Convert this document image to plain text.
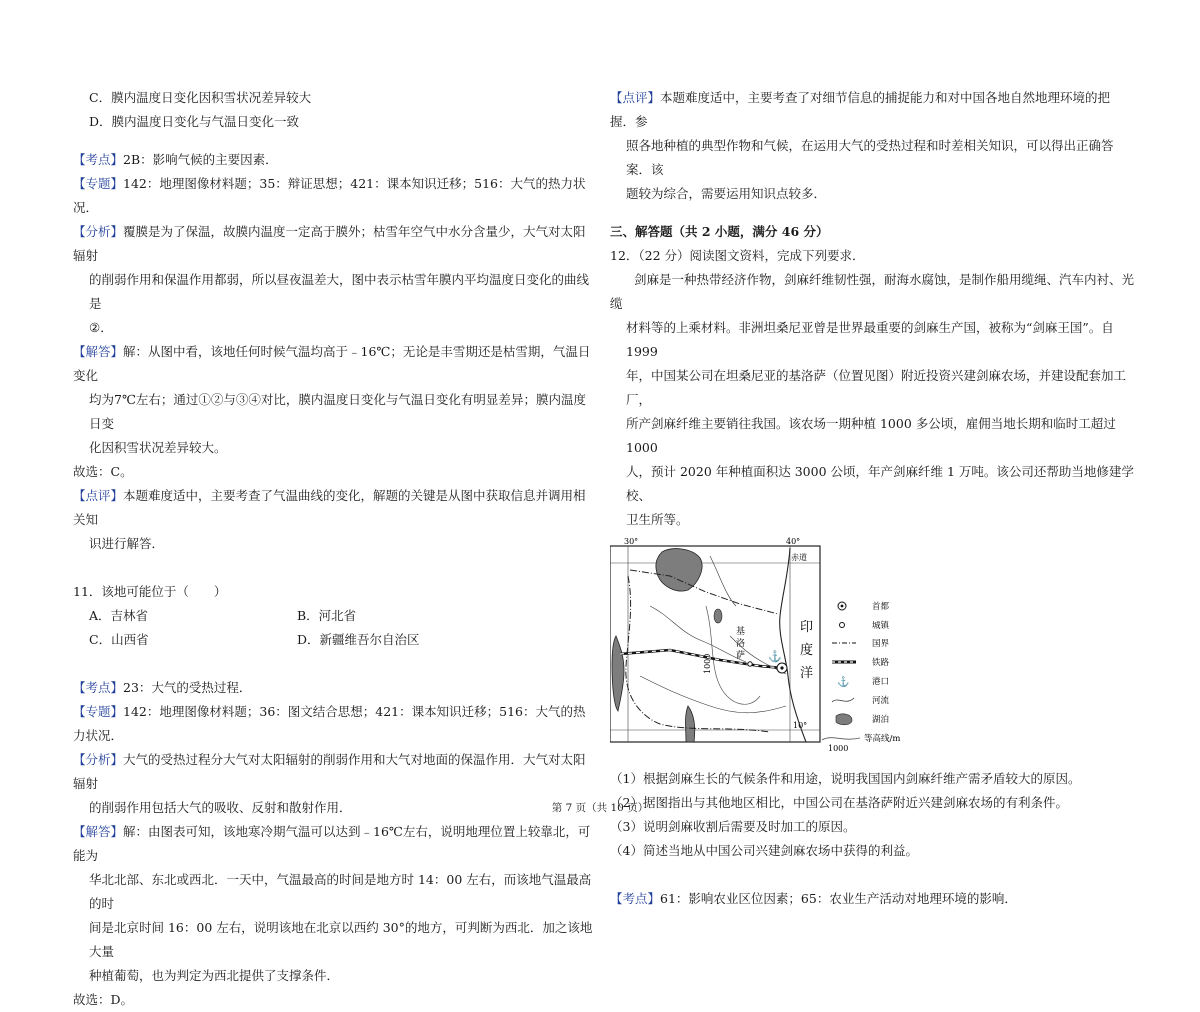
C．膜内温度日变化因积雪状况差异较大

D．膜内温度日变化与气温日变化一致

【考点】2B：影响气候的主要因素．

【专题】142：地理图像材料题；35：辩证思想；421：课本知识迁移；516：大气的热力状况．

【分析】覆膜是为了保温，故膜内温度一定高于膜外；枯雪年空气中水分含量少，大气对太阳辐射

的削弱作用和保温作用都弱，所以昼夜温差大，图中表示枯雪年膜内平均温度日变化的曲线是

②．

【解答】解：从图中看，该地任何时候气温均高于﹣16℃；无论是丰雪期还是枯雪期，气温日变化

均为7℃左右；通过①②与③④对比，膜内温度日变化与气温日变化有明显差异；膜内温度日变

化因积雪状况差异较大。

故选：C。

【点评】本题难度适中，主要考查了气温曲线的变化，解题的关键是从图中获取信息并调用相关知

识进行解答．

11．该地可能位于（　　）

A．吉林省	B．河北省
C．山西省	D．新疆维吾尔自治区

【考点】23：大气的受热过程．

【专题】142：地理图像材料题；36：图文结合思想；421：课本知识迁移；516：大气的热力状况．

【分析】大气的受热过程分大气对太阳辐射的削弱作用和大气对地面的保温作用．大气对太阳辐射

的削弱作用包括大气的吸收、反射和散射作用．

【解答】解：由图表可知，该地寒冷期气温可以达到﹣16℃左右，说明地理位置上较靠北，可能为

华北北部、东北或西北．一天中，气温最高的时间是地方时 14：00 左右，而该地气温最高的时

间是北京时间 16：00 左右，说明该地在北京以西约 30°的地方，可判断为西北．加之该地大量

种植葡萄，也为判定为西北提供了支撑条件．

故选：D。

【点评】本题难度适中，主要考查了对细节信息的捕捉能力和对中国各地自然地理环境的把握．参

照各地种植的典型作物和气候，在运用大气的受热过程和时差相关知识，可以得出正确答案．该

题较为综合，需要运用知识点较多．

三、解答题（共 2 小题，满分 46 分）

12．（22 分）阅读图文资料，完成下列要求．

剑麻是一种热带经济作物，剑麻纤维韧性强，耐海水腐蚀，是制作船用缆绳、汽车内衬、光缆

材料等的上乘材料。非洲坦桑尼亚曾是世界最重要的剑麻生产国，被称为“剑麻王国”。自 1999

年，中国某公司在坦桑尼亚的基洛萨（位置见图）附近投资兴建剑麻农场，并建设配套加工厂，

所产剑麻纤维主要销往我国。该农场一期种植 1000 多公顷，雇佣当地长期和临时工超过 1000

人，预计 2020 年种植面积达 3000 公顷，年产剑麻纤维 1 万吨。该公司还帮助当地修建学校、

卫生所等。

30°	40°
赤道
10°
印
度
洋
1000
基
洛
萨
基洛萨
⚓
首都
城镇
国界
铁路
⚓	港口
河流
湖泊
1000
等高线/m

（1）根据剑麻生长的气候条件和用途，说明我国国内剑麻纤维产需矛盾较大的原因。

（2）据图指出与其他地区相比，中国公司在基洛萨附近兴建剑麻农场的有利条件。

（3）说明剑麻收割后需要及时加工的原因。

（4）简述当地从中国公司兴建剑麻农场中获得的利益。

【考点】61：影响农业区位因素；65：农业生产活动对地理环境的影响．

第 7 页（共 10 页）
